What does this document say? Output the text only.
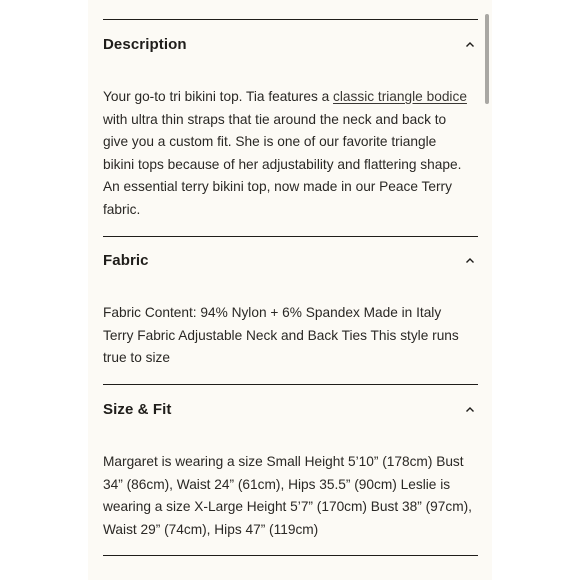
Description
Your go-to tri bikini top. Tia features a classic triangle bodice
with ultra thin straps that tie around the neck and back to
give you a custom fit. She is one of our favorite triangle
bikini tops because of her adjustability and flattering shape.
An essential terry bikini top, now made in our Peace Terry
fabric.
Fabric
Fabric Content: 94% Nylon + 6% Spandex Made in Italy
Terry Fabric Adjustable Neck and Back Ties This style runs
true to size
Size & Fit
Margaret is wearing a size Small Height 5’10” (178cm) Bust
34” (86cm), Waist 24” (61cm), Hips 35.5” (90cm) Leslie is
wearing a size X-Large Height 5’7” (170cm) Bust 38” (97cm),
Waist 29” (74cm), Hips 47” (119cm)
